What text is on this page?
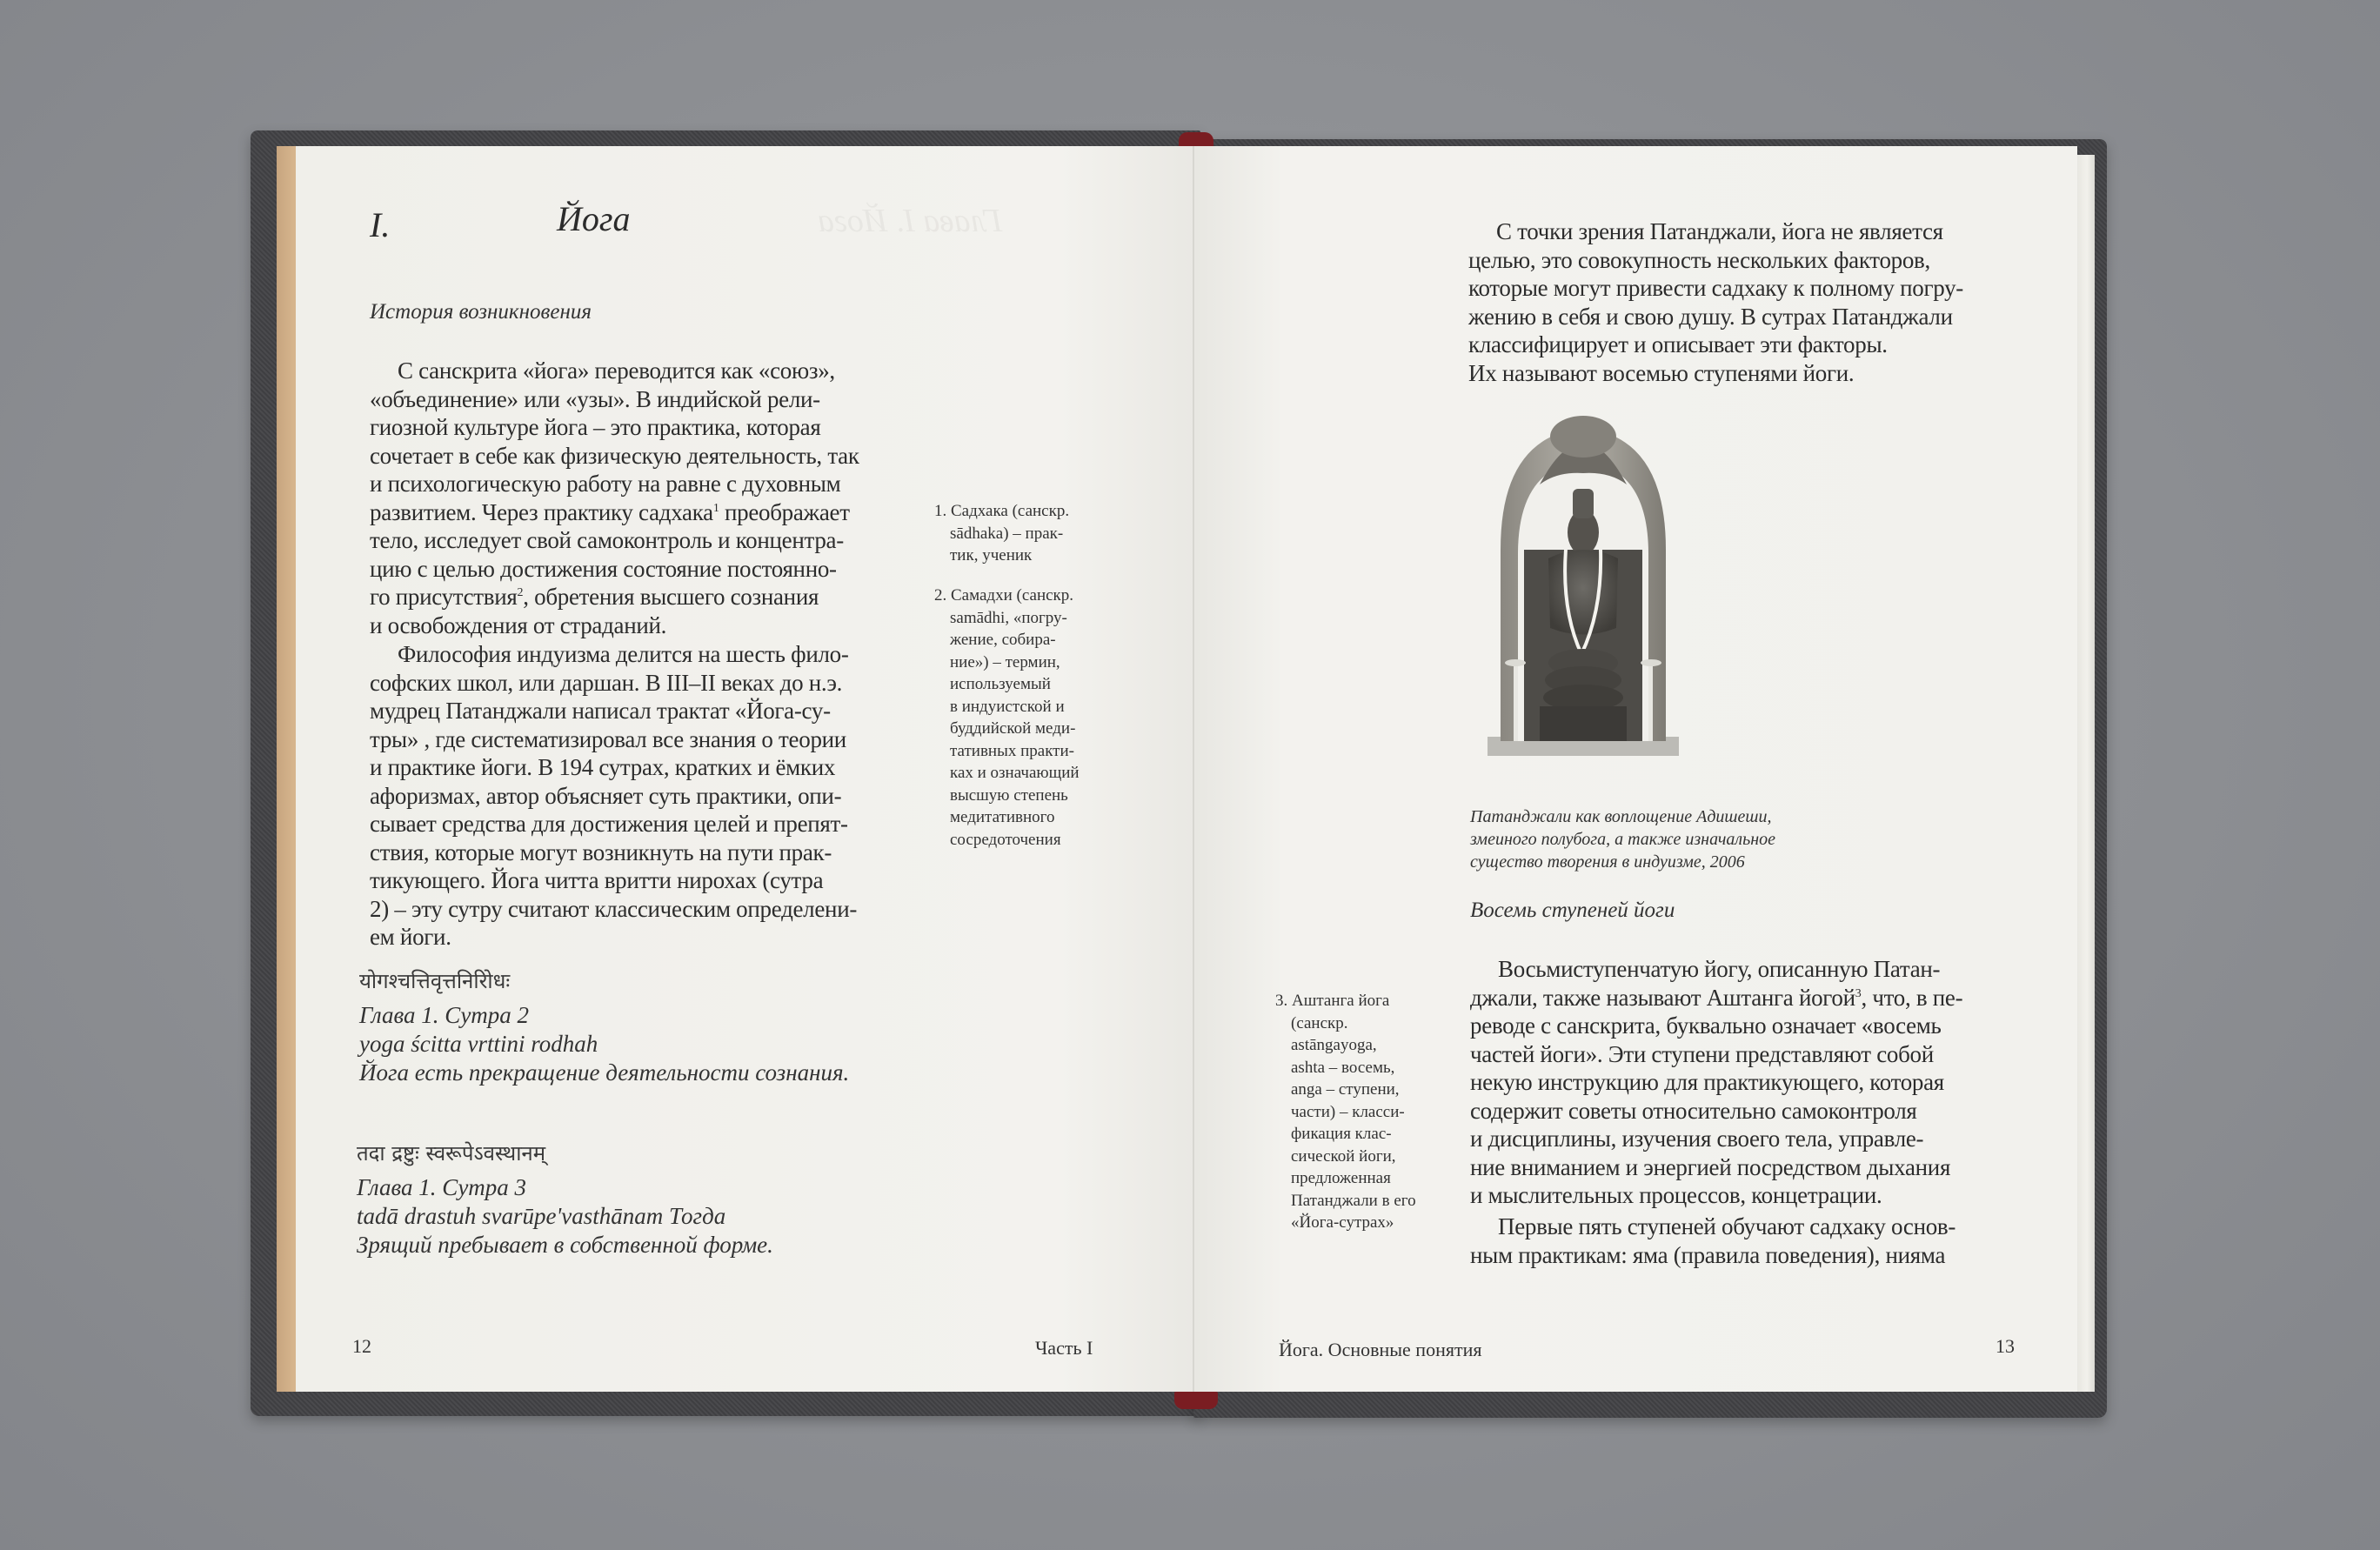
I.	Йога
История возникновения
С санскрита «йога» переводится как «союз»,
«объединение» или «узы». В индийской рели-
гиозной культуре йога – это практика, которая
сочетает в себе как физическую деятельность, так
и психологическую работу на равне с духовным
развитием. Через практику садхака$^1$ преображает
тело, исследует свой самоконтроль и концентра-
цию с целью достижения состояние постоянно-
го присутствия$^2$, обретения высшего сознания
и освобождения от страданий.
Философия индуизма делится на шесть фило-
софских школ, или даршан. В III–II веках до н.э.
мудрец Патанджали написал трактат «Йога-су-
тры» , где систематизировал все знания о теории
и практике йоги. В 194 сутрах, кратких и ёмких
афоризмах, автор объясняет суть практики, опи-
сывает средства для достижения целей и препят-
ствия, которые могут возникнуть на пути прак-
тикующего. Йога читта вритти нирохах (сутра
2) – эту сутру считают классическим определени-
ем йоги.
योगश्चत्तिवृत्तनिरोिधः
Глава 1. Сутра 2
yoga ścitta vrttini rodhah
Йога есть прекращение деятельности сознания.
तदा द्रष्टुः स्वरूपेऽवस्थानम्
Глава 1. Сутра 3
tadā drastuh svarūpe'vasthānam Тогда
Зрящий пребывает в собственной форме.
1. Садхака (санскр.
sādhaka) – прак-
тик, ученик
2. Самадхи (санскр.
samādhi, «погру-
жение, собира-
ние») – термин,
используемый
в индуистской и
буддийской меди-
тативных практи-
ках и означающий
высшую степень
медитативного
сосредоточения
12	Часть I
С точки зрения Патанджали, йога не является
целью, это совокупность нескольких факторов,
которые могут привести садхаку к полному погру-
жению в себя и свою душу. В сутрах Патанджали
классифицирует и описывает эти факторы.
Их называют восемью ступенями йоги.
Патанджали как воплощение Адишеши,
змеиного полубога, а также изначальное
существо творения в индуизме, 2006
Восемь ступеней йоги
Восьмиступенчатую йогу, описанную Патан-
джали, также называют Аштанга йогой$^3$, что, в пе-
реводе с санскрита, буквально означает «восемь
частей йоги». Эти ступени представляют собой
некую инструкцию для практикующего, которая
содержит советы относительно самоконтроля
и дисциплины, изучения своего тела, управле-
ние вниманием и энергией посредством дыхания
и мыслительных процессов, концетрации.
Первые пять ступеней обучают садхаку основ-
ным практикам: яма (правила поведения), нияма
3. Аштанга йога
(санскр.
astāngayoga,
ashta – восемь,
anga – ступени,
части) – класси-
фикация клас-
сической йоги,
предложенная
Патанджали в его
«Йога-сутрах»
Йога. Основные понятия	13
